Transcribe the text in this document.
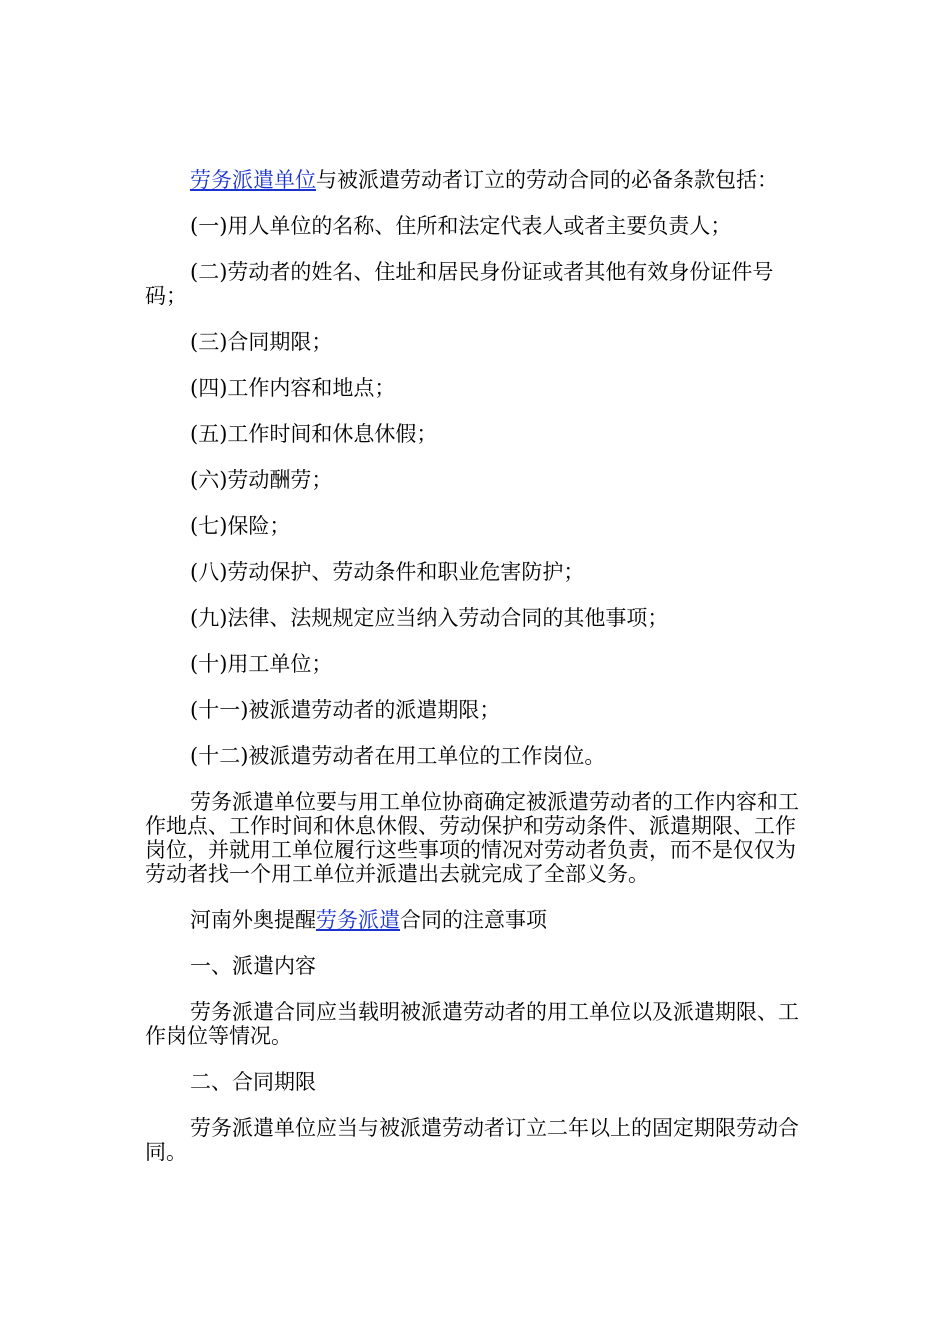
劳务派遣单位与被派遣劳动者订立的劳动合同的必备条款包括：

(一)用人单位的名称、住所和法定代表人或者主要负责人；

(二)劳动者的姓名、住址和居民身份证或者其他有效身份证件号码；

(三)合同期限；

(四)工作内容和地点；

(五)工作时间和休息休假；

(六)劳动酬劳；

(七)保险；

(八)劳动保护、劳动条件和职业危害防护；

(九)法律、法规规定应当纳入劳动合同的其他事项；

(十)用工单位；

(十一)被派遣劳动者的派遣期限；

(十二)被派遣劳动者在用工单位的工作岗位。

劳务派遣单位要与用工单位协商确定被派遣劳动者的工作内容和工作地点、工作时间和休息休假、劳动保护和劳动条件、派遣期限、工作岗位，并就用工单位履行这些事项的情况对劳动者负责，而不是仅仅为劳动者找一个用工单位并派遣出去就完成了全部义务。

河南外奥提醒劳务派遣合同的注意事项

一、派遣内容

劳务派遣合同应当载明被派遣劳动者的用工单位以及派遣期限、工作岗位等情况。

二、合同期限

劳务派遣单位应当与被派遣劳动者订立二年以上的固定期限劳动合同。
